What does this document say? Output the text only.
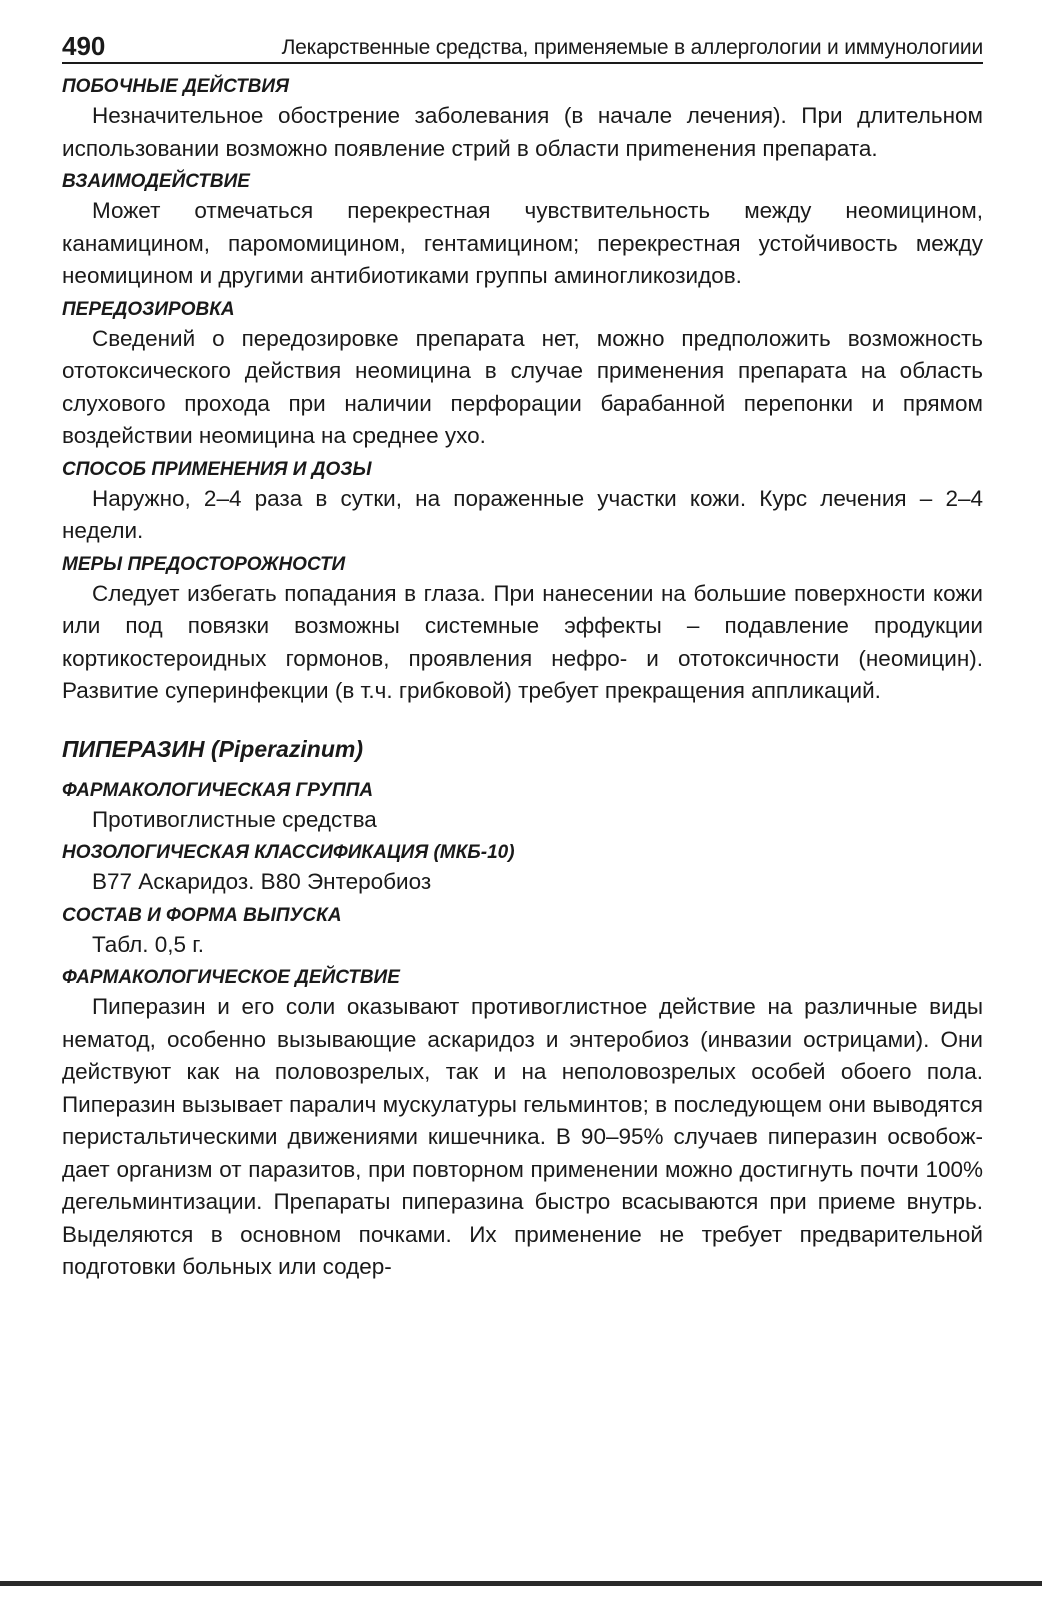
490	Лекарственные средства, применяемые в аллергологии и иммунологиии

ПОБОЧНЫЕ ДЕЙСТВИЯ

Незначительное обострение заболевания (в начале лечения). При длительном использовании возможно появление стрий в области приmенения препарата.

ВЗАИМОДЕЙСТВИЕ

Может отмечаться перекрестная чувствительность между неомицином, канамицином, паромомицином, гентамицином; перекрестная устойчивость между неомицином и другими антибиотиками группы аминогликозидов.

ПЕРЕДОЗИРОВКА

Сведений о передозировке препарата нет, можно предположить возможность ототоксического действия неомицина в случае применения препарата на область слухового прохода при наличии перфорации барабанной перепонки и прямом воздействии неомицина на среднее ухо.

СПОСОБ ПРИМЕНЕНИЯ И ДОЗЫ

Наружно, 2–4 раза в сутки, на пораженные участки кожи. Курс лечения – 2–4 недели.

МЕРЫ ПРЕДОСТОРОЖНОСТИ

Следует избегать попадания в глаза. При нанесении на большие поверхности кожи или под повязки возможны системные эффекты – подавление продукции кортикостероидных гормонов, проявления нефро- и ототоксичности (неомицин). Развитие суперинфекции (в т.ч. грибковой) требует прекращения аппликаций.

ПИПЕРАЗИН (Piperazinum)

ФАРМАКОЛОГИЧЕСКАЯ ГРУППА

Противоглистные средства

НОЗОЛОГИЧЕСКАЯ КЛАССИФИКАЦИЯ (МКБ-10)

B77 Аскаридоз. B80 Энтеробиоз

СОСТАВ И ФОРМА ВЫПУСКА

Табл. 0,5 г.

ФАРМАКОЛОГИЧЕСКОЕ ДЕЙСТВИЕ

Пиперазин и его соли оказывают противоглистное действие на различные виды нематод, особенно вызывающие аскаридоз и энтеробиоз (инвазии острицами). Они действуют как на половозрелых, так и на неполовозрелых особей обоего пола. Пиперазин вызывает паралич мускулатуры гельминтов; в последующем они выводятся перистальтическими движениями кишечника. В 90–95% случаев пиперазин освобождает организм от паразитов, при повторном применении можно достигнуть почти 100% дегельминтизации. Препараты пиперазина быстро всасываются при приеме внутрь. Выделяются в основном почками. Их применение не требует предварительной подготовки больных или содер-
